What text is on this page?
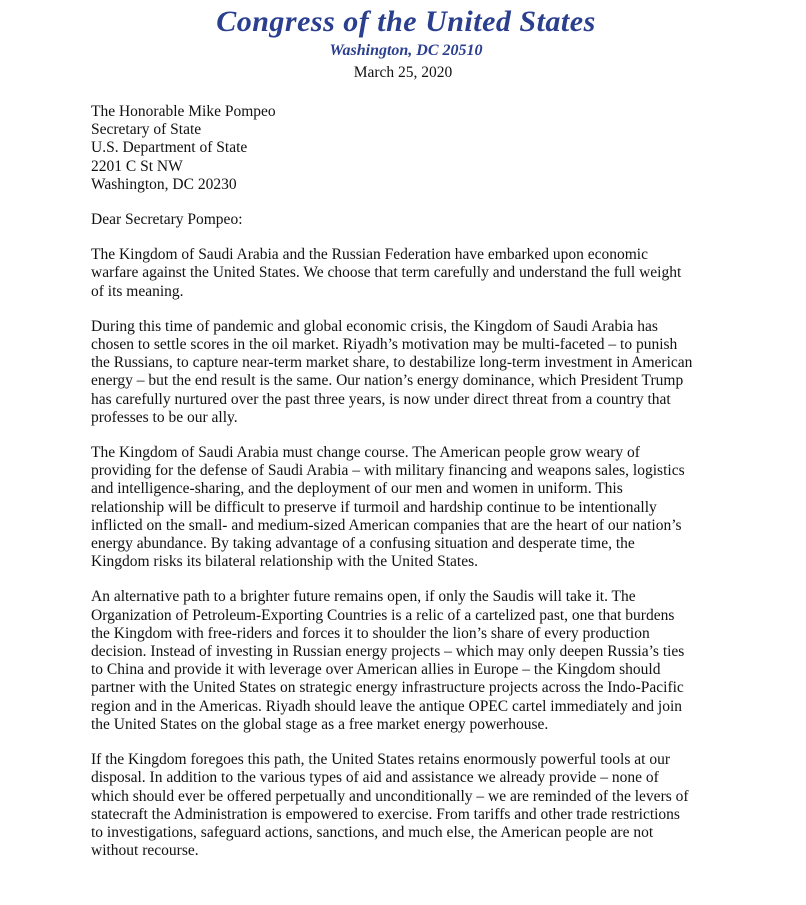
Congress of the United States
Washington, DC 20510
March 25, 2020
The Honorable Mike Pompeo
Secretary of State
U.S. Department of State
2201 C St NW
Washington, DC 20230
Dear Secretary Pompeo:

The Kingdom of Saudi Arabia and the Russian Federation have embarked upon economic
warfare against the United States. We choose that term carefully and understand the full weight
of its meaning.

During this time of pandemic and global economic crisis, the Kingdom of Saudi Arabia has
chosen to settle scores in the oil market. Riyadh’s motivation may be multi-faceted – to punish
the Russians, to capture near-term market share, to destabilize long-term investment in American
energy – but the end result is the same. Our nation’s energy dominance, which President Trump
has carefully nurtured over the past three years, is now under direct threat from a country that
professes to be our ally.

The Kingdom of Saudi Arabia must change course. The American people grow weary of
providing for the defense of Saudi Arabia – with military financing and weapons sales, logistics
and intelligence-sharing, and the deployment of our men and women in uniform. This
relationship will be difficult to preserve if turmoil and hardship continue to be intentionally
inflicted on the small- and medium-sized American companies that are the heart of our nation’s
energy abundance. By taking advantage of a confusing situation and desperate time, the
Kingdom risks its bilateral relationship with the United States.

An alternative path to a brighter future remains open, if only the Saudis will take it. The
Organization of Petroleum-Exporting Countries is a relic of a cartelized past, one that burdens
the Kingdom with free-riders and forces it to shoulder the lion’s share of every production
decision. Instead of investing in Russian energy projects – which may only deepen Russia’s ties
to China and provide it with leverage over American allies in Europe – the Kingdom should
partner with the United States on strategic energy infrastructure projects across the Indo-Pacific
region and in the Americas. Riyadh should leave the antique OPEC cartel immediately and join
the United States on the global stage as a free market energy powerhouse.

If the Kingdom foregoes this path, the United States retains enormously powerful tools at our
disposal. In addition to the various types of aid and assistance we already provide – none of
which should ever be offered perpetually and unconditionally – we are reminded of the levers of
statecraft the Administration is empowered to exercise. From tariffs and other trade restrictions
to investigations, safeguard actions, sanctions, and much else, the American people are not
without recourse.
